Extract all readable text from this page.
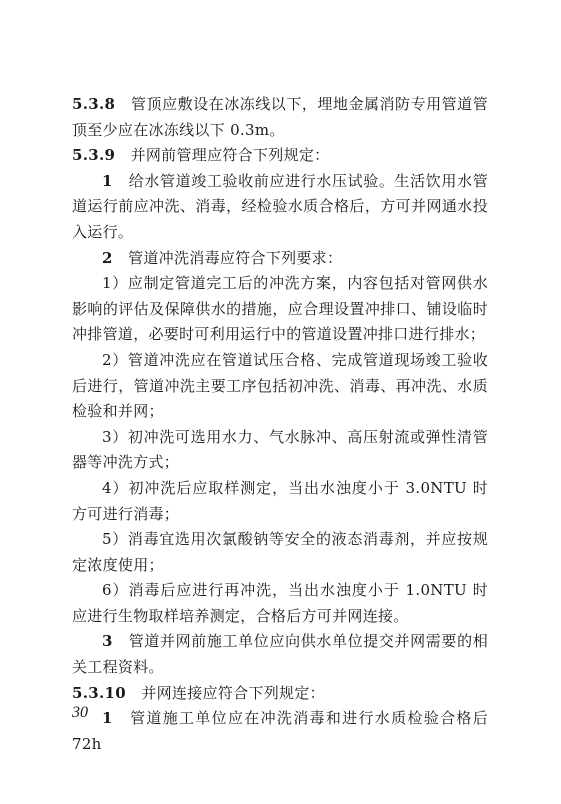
5.3.8　 管顶应敷设在冰冻线以下，埋地金属消防专用管道管顶至少应在冰冻线以下 0.3m。

5.3.9　 并网前管理应符合下列规定：

1　 给水管道竣工验收前应进行水压试验。生活饮用水管道运行前应冲洗、消毒，经检验水质合格后，方可并网通水投入运行。

2　 管道冲洗消毒应符合下列要求：

1）应制定管道完工后的冲洗方案，内容包括对管网供水影响的评估及保障供水的措施，应合理设置冲排口、铺设临时冲排管道，必要时可利用运行中的管道设置冲排口进行排水；

2）管道冲洗应在管道试压合格、完成管道现场竣工验收后进行，管道冲洗主要工序包括初冲洗、消毒、再冲洗、水质检验和并网；

3）初冲洗可选用水力、气水脉冲、高压射流或弹性清管器等冲洗方式；

4）初冲洗后应取样测定，当出水浊度小于 3.0NTU 时方可进行消毒；

5）消毒宜选用次氯酸钠等安全的液态消毒剂，并应按规定浓度使用；

6）消毒后应进行再冲洗，当出水浊度小于 1.0NTU 时应进行生物取样培养测定，合格后方可并网连接。

3　 管道并网前施工单位应向供水单位提交并网需要的相关工程资料。

5.3.10　 并网连接应符合下列规定：

1　 管道施工单位应在冲洗消毒和进行水质检验合格后 72h

30
